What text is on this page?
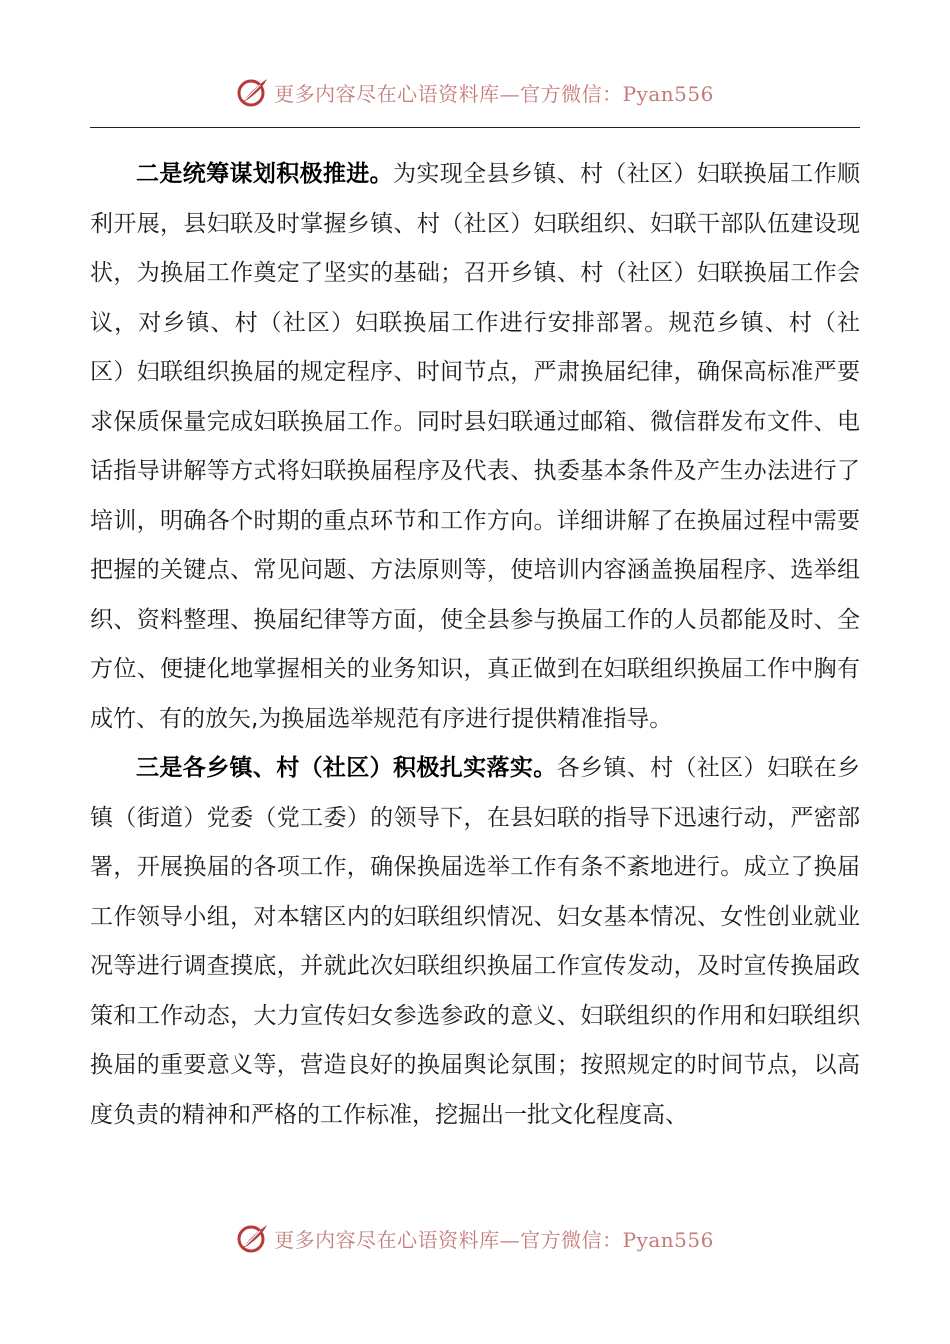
更多内容尽在心语资料库—官方微信：Pyan556

二是统筹谋划积极推进。为实现全县乡镇、村（社区）妇联换届工作顺利开展，县妇联及时掌握乡镇、村（社区）妇联组织、妇联干部队伍建设现状，为换届工作奠定了坚实的基础；召开乡镇、村（社区）妇联换届工作会议，对乡镇、村（社区）妇联换届工作进行安排部署。规范乡镇、村（社区）妇联组织换届的规定程序、时间节点，严肃换届纪律，确保高标准严要求保质保量完成妇联换届工作。同时县妇联通过邮箱、微信群发布文件、电话指导讲解等方式将妇联换届程序及代表、执委基本条件及产生办法进行了培训，明确各个时期的重点环节和工作方向。详细讲解了在换届过程中需要把握的关键点、常见问题、方法原则等，使培训内容涵盖换届程序、选举组织、资料整理、换届纪律等方面，使全县参与换届工作的人员都能及时、全方位、便捷化地掌握相关的业务知识，真正做到在妇联组织换届工作中胸有成竹、有的放矢,为换届选举规范有序进行提供精准指导。

三是各乡镇、村（社区）积极扎实落实。各乡镇、村（社区）妇联在乡镇（街道）党委（党工委）的领导下，在县妇联的指导下迅速行动，严密部署，开展换届的各项工作，确保换届选举工作有条不紊地进行。成立了换届工作领导小组，对本辖区内的妇联组织情况、妇女基本情况、女性创业就业况等进行调查摸底，并就此次妇联组织换届工作宣传发动，及时宣传换届政策和工作动态，大力宣传妇女参选参政的意义、妇联组织的作用和妇联组织换届的重要意义等，营造良好的换届舆论氛围；按照规定的时间节点，以高度负责的精神和严格的工作标准，挖掘出一批文化程度高、

更多内容尽在心语资料库—官方微信：Pyan556
